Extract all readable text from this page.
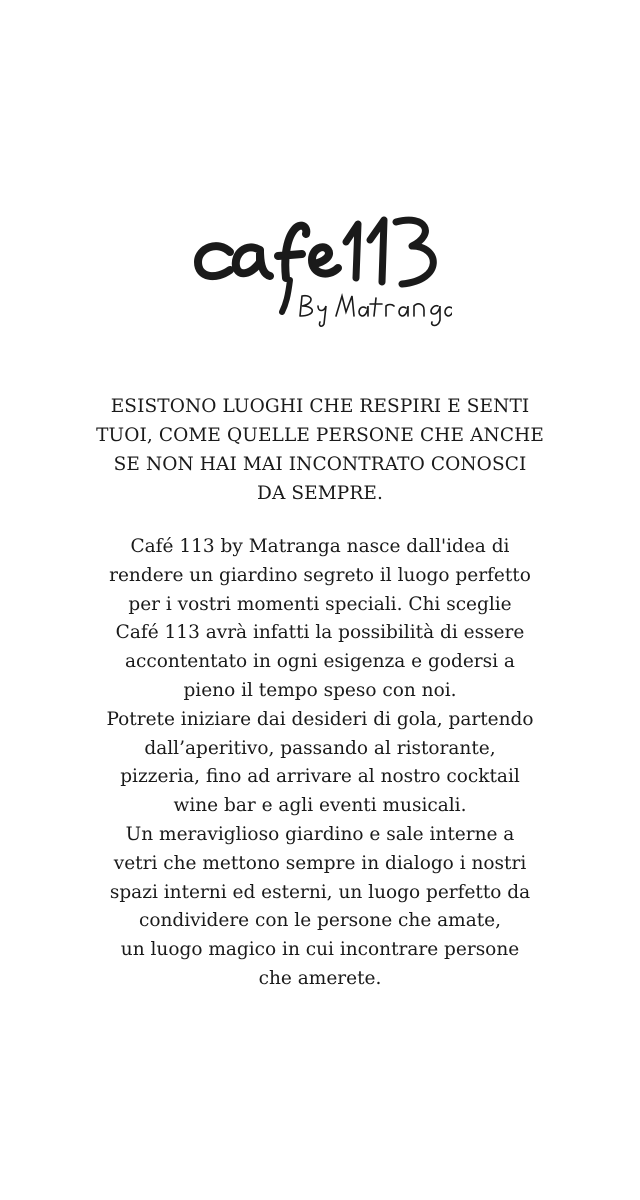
ESISTONO LUOGHI CHE RESPIRI E SENTI
TUOI, COME QUELLE PERSONE CHE ANCHE
SE NON HAI MAI INCONTRATO CONOSCI
DA SEMPRE.
Café 113 by Matranga nasce dall'idea di
rendere un giardino segreto il luogo perfetto
per i vostri momenti speciali. Chi sceglie
Café 113 avrà infatti la possibilità di essere
accontentato in ogni esigenza e godersi a
pieno il tempo speso con noi.
Potrete iniziare dai desideri di gola, partendo
dall’aperitivo, passando al ristorante,
pizzeria, fino ad arrivare al nostro cocktail
wine bar e agli eventi musicali.
Un meraviglioso giardino e sale interne a
vetri che mettono sempre in dialogo i nostri
spazi interni ed esterni, un luogo perfetto da
condividere con le persone che amate,
un luogo magico in cui incontrare persone
che amerete.
